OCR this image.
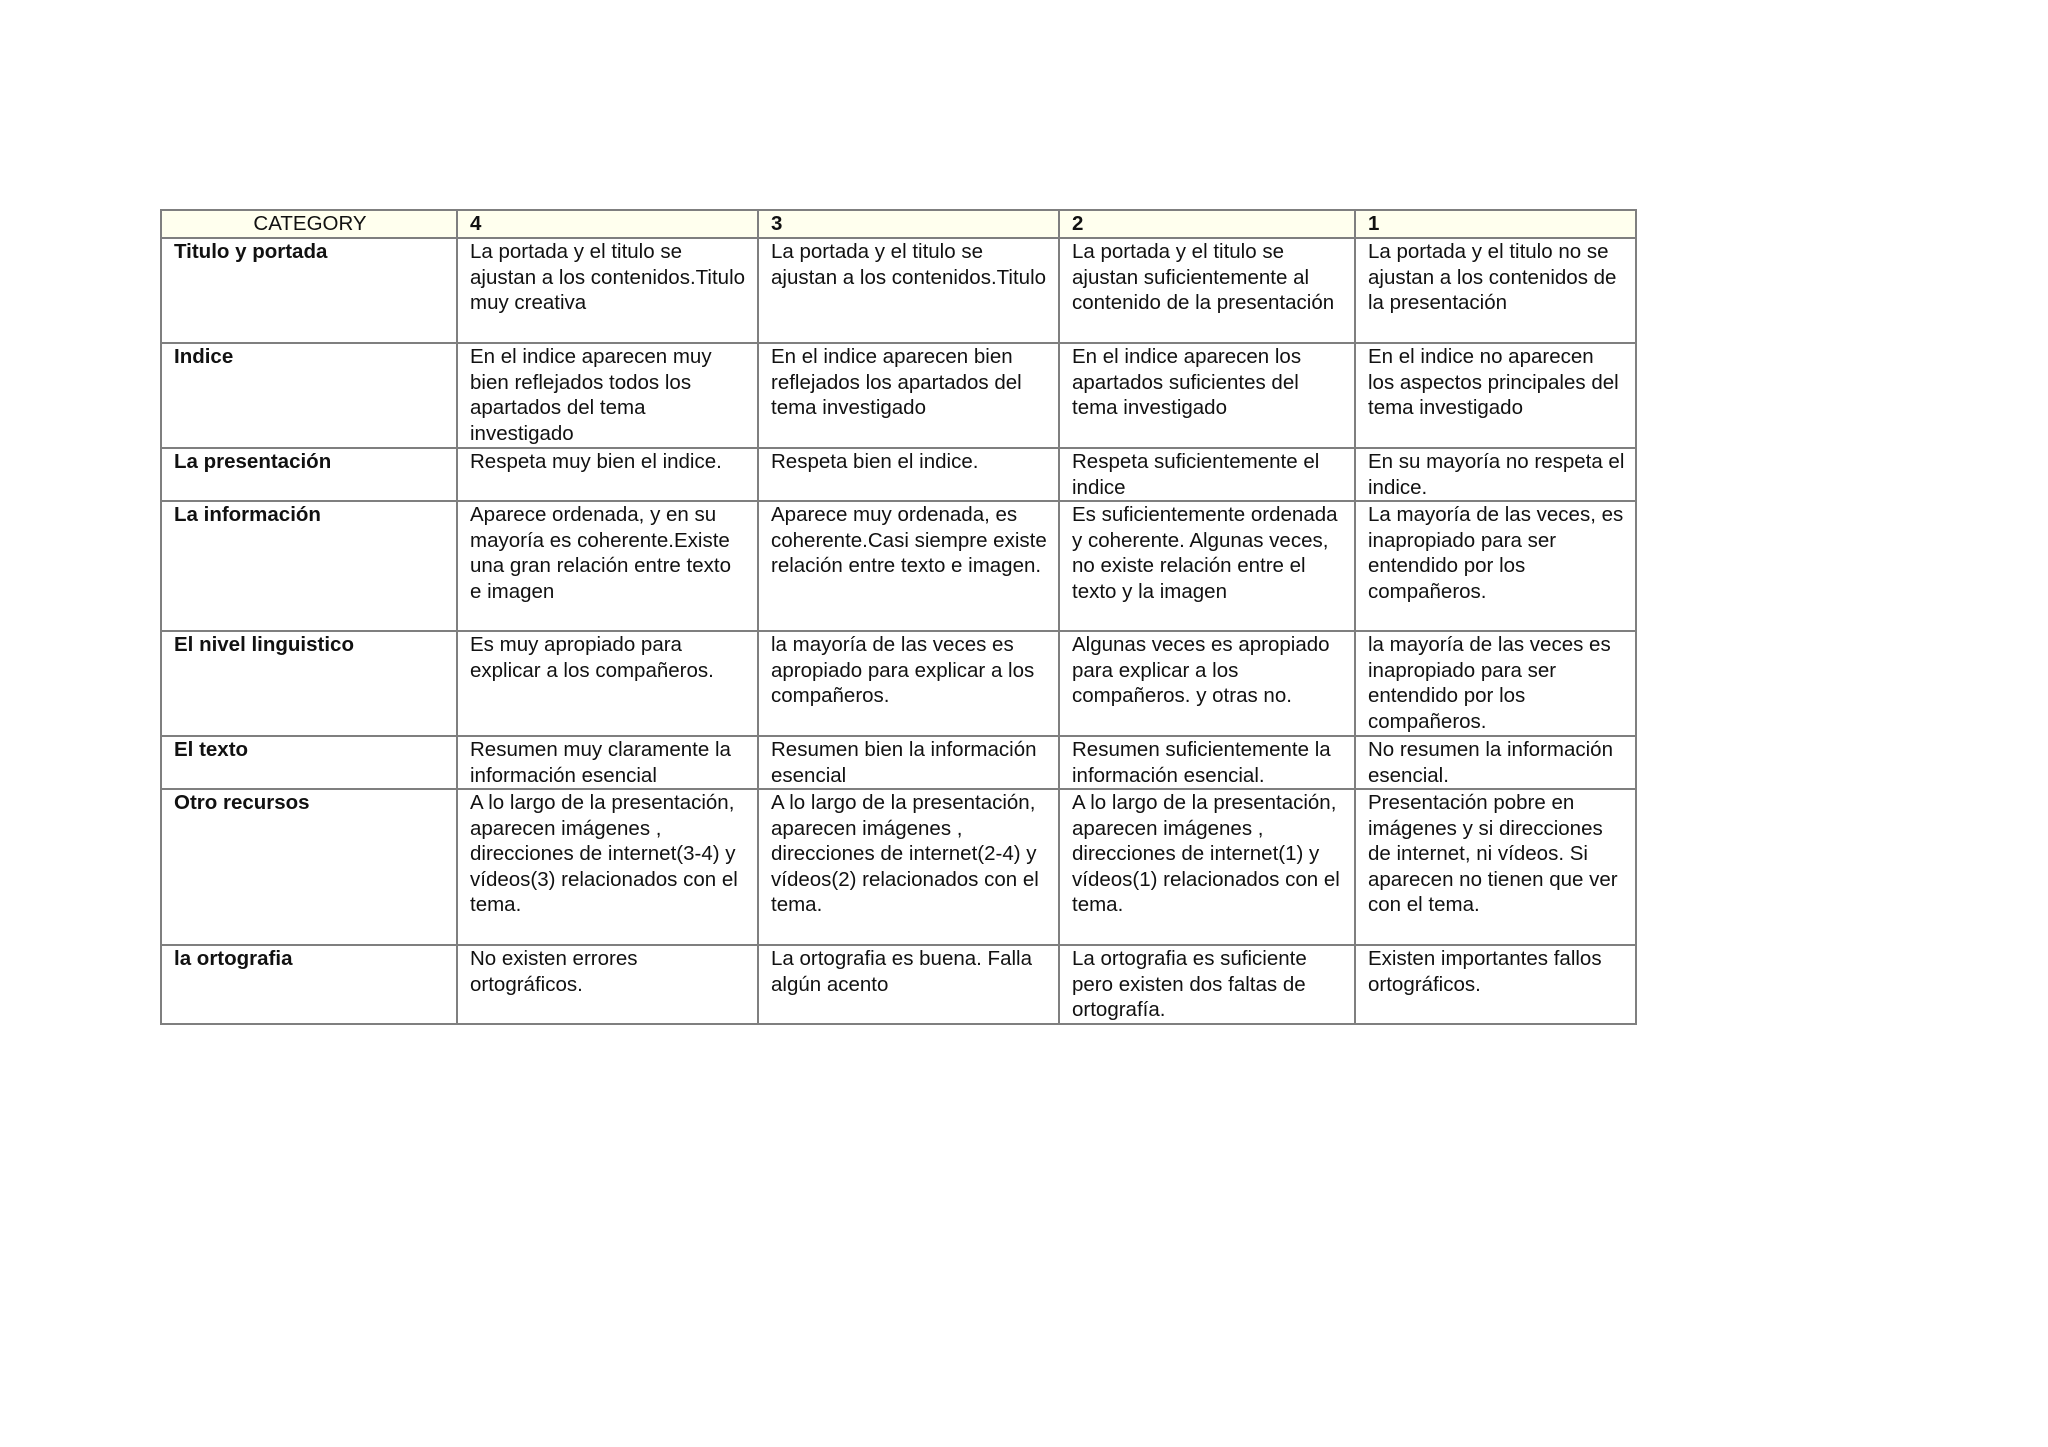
CATEGORY	4	3	2	1
Titulo y portada	La portada y el titulo se ajustan a los contenidos.Titulo muy creativa	La portada y el titulo se ajustan a los contenidos.Titulo	La portada y el titulo se ajustan suficientemente al contenido de la presentación	La portada y el titulo no se ajustan a los contenidos de la presentación
Indice	En el indice aparecen muy bien reflejados todos los apartados del tema investigado	En el indice aparecen bien reflejados los apartados del tema investigado	En el indice aparecen los apartados suficientes del tema investigado	En el indice no aparecen los aspectos principales del tema investigado
La presentación	Respeta muy bien el indice.	Respeta bien el indice.	Respeta suficientemente el indice	En su mayoría no respeta el indice.
La información	Aparece ordenada, y en su mayoría es coherente.Existe una gran relación entre texto e imagen	Aparece muy ordenada, es coherente.Casi siempre existe relación entre texto e imagen.	Es suficientemente ordenada y coherente. Algunas veces, no existe relación entre el texto y la imagen	La mayoría de las veces, es inapropiado para ser entendido por los compañeros.
El nivel linguistico	Es muy apropiado para explicar a los compañeros.	la mayoría de las veces es apropiado para explicar a los compañeros.	Algunas veces es apropiado para explicar a los compañeros. y otras no.	la mayoría de las veces es inapropiado para ser entendido por los compañeros.
El texto	Resumen muy claramente la información esencial	Resumen bien la información esencial	Resumen suficientemente la información esencial.	No resumen la información esencial.
Otro recursos	A lo largo de la presentación, aparecen imágenes , direcciones de internet(3-4) y vídeos(3) relacionados con el tema.	A lo largo de la presentación, aparecen imágenes , direcciones de internet(2-4) y vídeos(2) relacionados con el tema.	A lo largo de la presentación, aparecen imágenes , direcciones de internet(1) y vídeos(1) relacionados con el tema.	Presentación pobre en imágenes y si direcciones de internet, ni vídeos. Si aparecen no tienen que ver con el tema.
la ortografia	No existen errores ortográficos.	La ortografia es buena. Falla algún acento	La ortografia es suficiente pero existen dos faltas de ortografía.	Existen importantes fallos ortográficos.
